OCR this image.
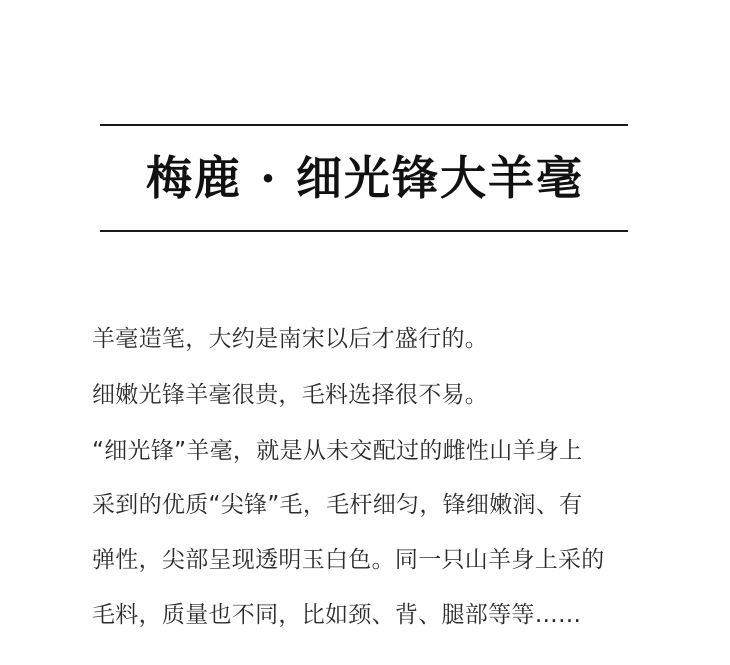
梅鹿 · 细光锋大羊毫
羊毫造笔，大约是南宋以后才盛行的。
细嫩光锋羊毫很贵，毛料选择很不易。
“细光锋”羊毫，就是从未交配过的雌性山羊身上
采到的优质“尖锋”毛，毛杆细匀，锋细嫩润、有
弹性，尖部呈现透明玉白色。同一只山羊身上采的
毛料，质量也不同，比如颈、背、腿部等等……
